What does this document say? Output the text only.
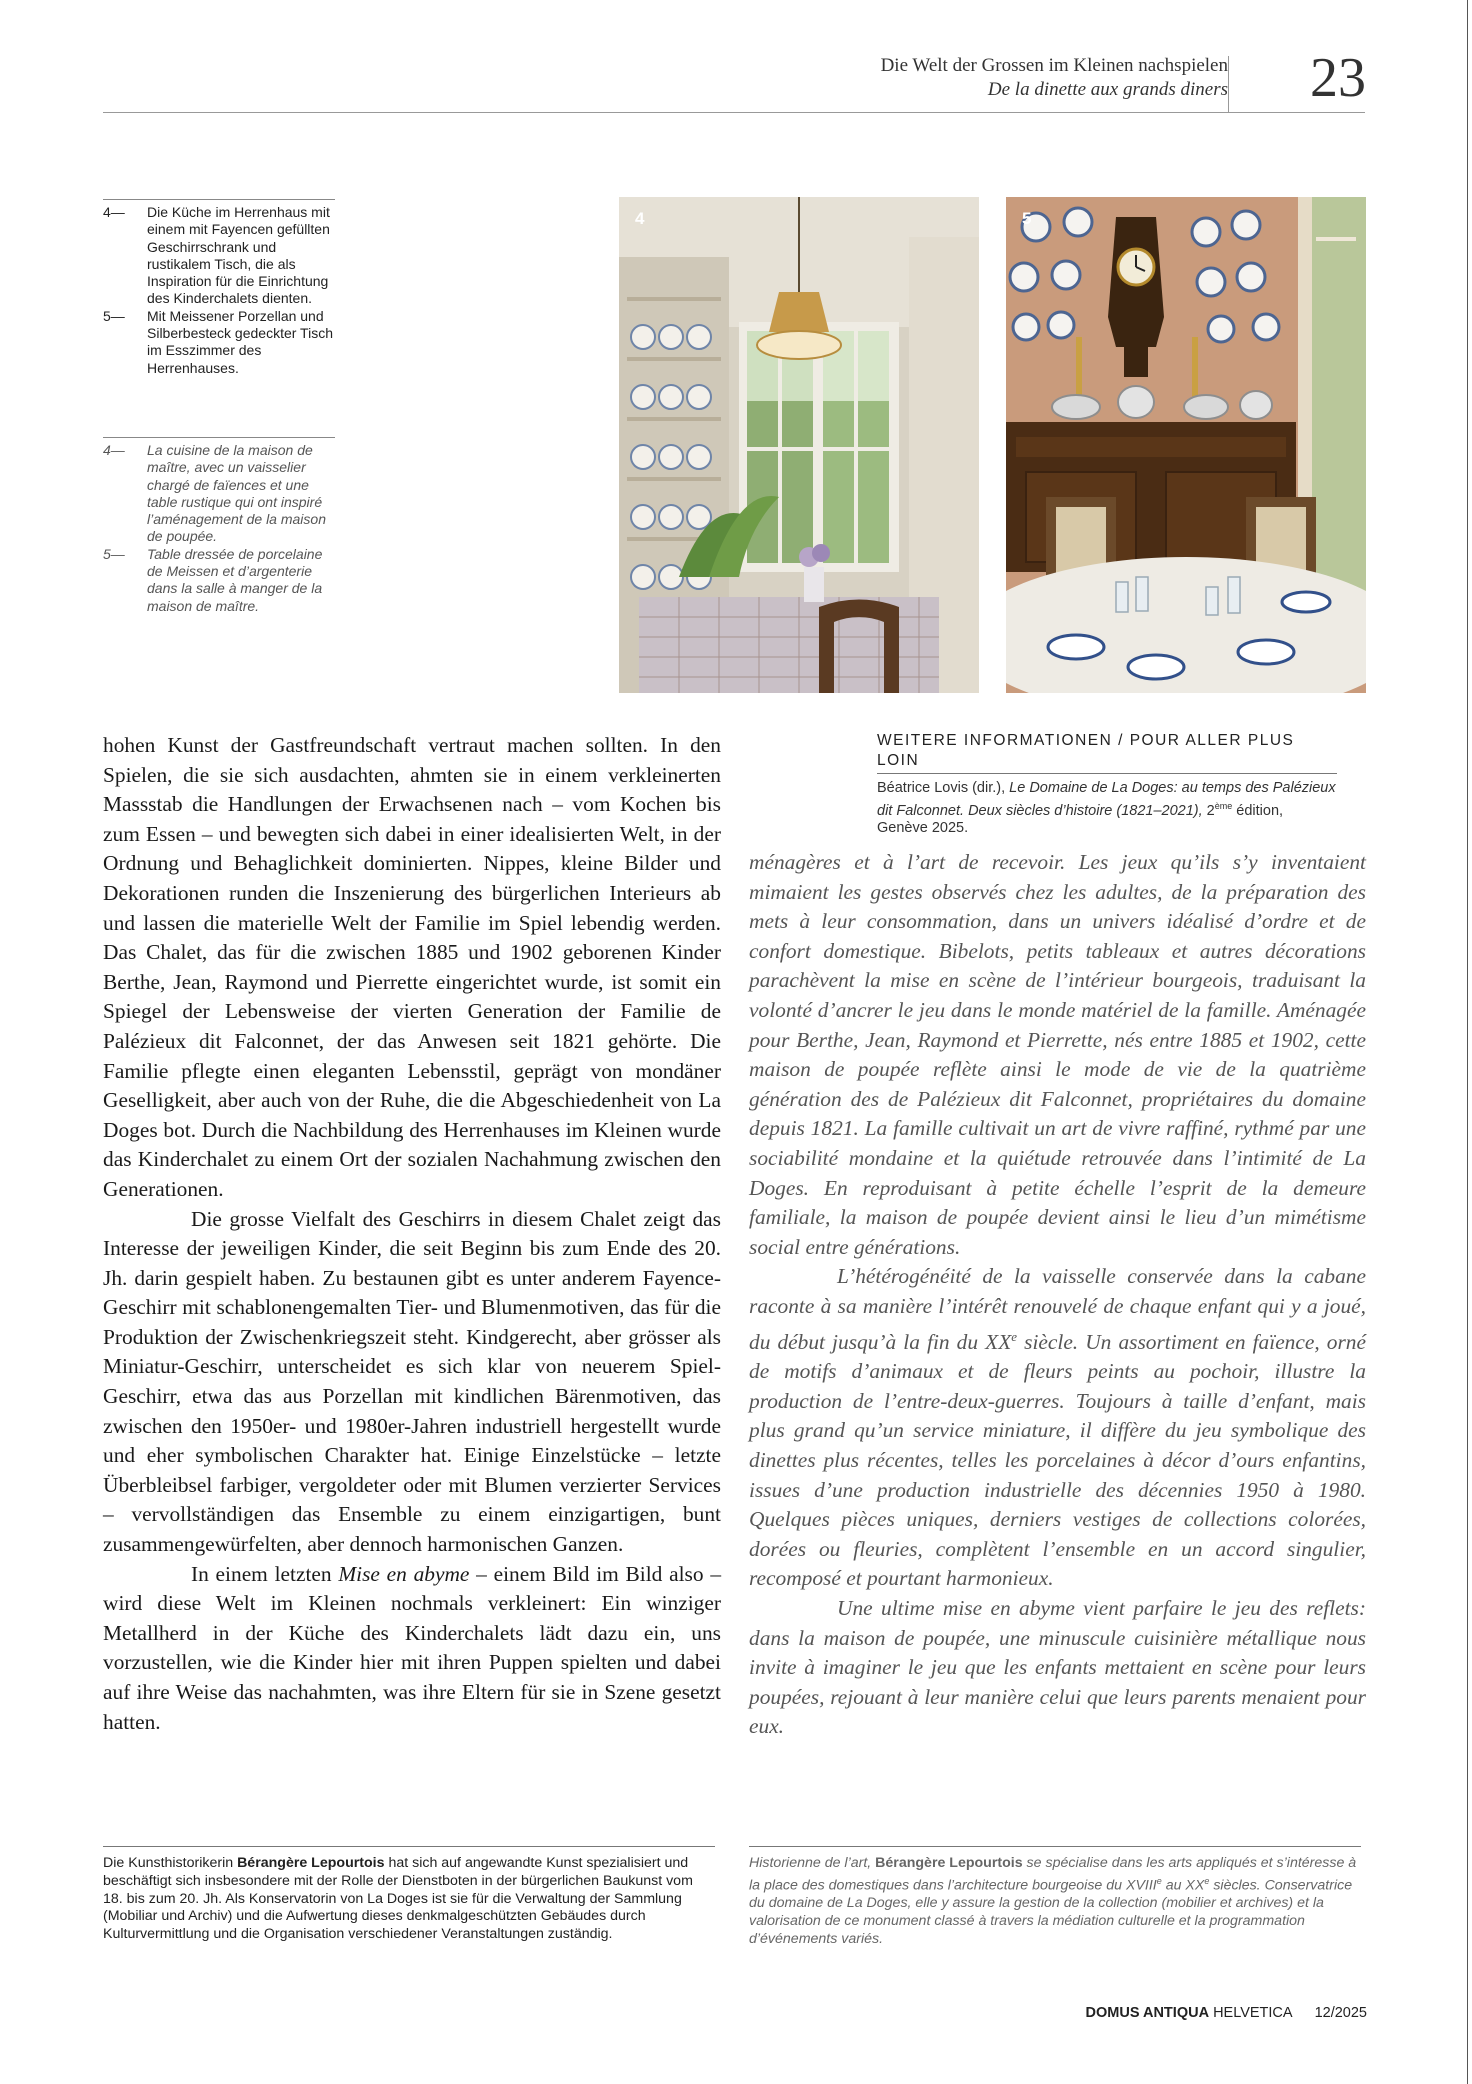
Die Welt der Grossen im Kleinen nachspielen
De la dinette aux grands diners 23
4— Die Küche im Herrenhaus mit einem mit Fayencen gefüllten Geschirrschrank und rustikalem Tisch, die als Inspiration für die Einrichtung des Kinderchalets dienten.
5— Mit Meissener Porzellan und Silberbesteck gedeckter Tisch im Esszimmer des Herrenhauses.
4— La cuisine de la maison de maître, avec un vaisselier chargé de faïences et une table rustique qui ont inspiré l’aménagement de la maison de poupée.
5— Table dressée de porcelaine de Meissen et d’argenterie dans la salle à manger de la maison de maître.
4	5
WEITERE INFORMATIONEN / POUR ALLER PLUS LOIN
Béatrice Lovis (dir.), Le Domaine de La Doges: au temps des Palézieux dit Falconnet. Deux siècles d’histoire (1821–2021), 2ème édition, Genève 2025.

hohen Kunst der Gastfreundschaft vertraut machen sollten. In den Spielen, die sie sich ausdachten, ahmten sie in einem verkleinerten Massstab die Handlungen der Erwachsenen nach – vom Kochen bis zum Essen – und bewegten sich dabei in einer idealisierten Welt, in der Ordnung und Behaglichkeit dominierten. Nippes, kleine Bilder und Dekorationen runden die Inszenierung des bürgerlichen Interieurs ab und lassen die materielle Welt der Familie im Spiel lebendig werden. Das Chalet, das für die zwischen 1885 und 1902 geborenen Kinder Berthe, Jean, Raymond und Pierrette eingerichtet wurde, ist somit ein Spiegel der Lebensweise der vierten Generation der Familie de Palézieux dit Falconnet, der das Anwesen seit 1821 gehörte. Die Familie pflegte einen eleganten Lebensstil, geprägt von mondäner Geselligkeit, aber auch von der Ruhe, die die Abgeschiedenheit von La Doges bot. Durch die Nachbildung des Herrenhauses im Kleinen wurde das Kinderchalet zu einem Ort der sozialen Nachahmung zwischen den Generationen.

Die grosse Vielfalt des Geschirrs in diesem Chalet zeigt das Interesse der jeweiligen Kinder, die seit Beginn bis zum Ende des 20. Jh. darin gespielt haben. Zu bestaunen gibt es unter anderem Fayence-Geschirr mit schablonengemalten Tier- und Blumenmotiven, das für die Produktion der Zwischenkriegszeit steht. Kindgerecht, aber grösser als Miniatur-Geschirr, unterscheidet es sich klar von neuerem Spiel-Geschirr, etwa das aus Porzellan mit kindlichen Bärenmotiven, das zwischen den 1950er- und 1980er-Jahren industriell hergestellt wurde und eher symbolischen Charakter hat. Einige Einzelstücke – letzte Überbleibsel farbiger, vergoldeter oder mit Blumen verzierter Services – vervollständigen das Ensemble zu einem einzigartigen, bunt zusammengewürfelten, aber dennoch harmonischen Ganzen.

In einem letzten Mise en abyme – einem Bild im Bild also – wird diese Welt im Kleinen nochmals verkleinert: Ein winziger Metallherd in der Küche des Kinderchalets lädt dazu ein, uns vorzustellen, wie die Kinder hier mit ihren Puppen spielten und dabei auf ihre Weise das nachahmten, was ihre Eltern für sie in Szene gesetzt hatten.

ménagères et à l’art de recevoir. Les jeux qu’ils s’y inventaient mimaient les gestes observés chez les adultes, de la préparation des mets à leur consommation, dans un univers idéalisé d’ordre et de confort domestique. Bibelots, petits tableaux et autres décorations parachèvent la mise en scène de l’intérieur bourgeois, traduisant la volonté d’ancrer le jeu dans le monde matériel de la famille. Aménagée pour Berthe, Jean, Raymond et Pierrette, nés entre 1885 et 1902, cette maison de poupée reflète ainsi le mode de vie de la quatrième génération des de Palézieux dit Falconnet, propriétaires du domaine depuis 1821. La famille cultivait un art de vivre raffiné, rythmé par une sociabilité mondaine et la quiétude retrouvée dans l’intimité de La Doges. En reproduisant à petite échelle l’esprit de la demeure familiale, la maison de poupée devient ainsi le lieu d’un mimétisme social entre générations.

L’hétérogénéité de la vaisselle conservée dans la cabane raconte à sa manière l’intérêt renouvelé de chaque enfant qui y a joué, du début jusqu’à la fin du XXe siècle. Un assortiment en faïence, orné de motifs d’animaux et de fleurs peints au pochoir, illustre la production de l’entre-deux-guerres. Toujours à taille d’enfant, mais plus grand qu’un service miniature, il diffère du jeu symbolique des dinettes plus récentes, telles les porcelaines à décor d’ours enfantins, issues d’une production industrielle des décennies 1950 à 1980. Quelques pièces uniques, derniers vestiges de collections colorées, dorées ou fleuries, complètent l’ensemble en un accord singulier, recomposé et pourtant harmonieux.

Une ultime mise en abyme vient parfaire le jeu des reflets: dans la maison de poupée, une minuscule cuisinière métallique nous invite à imaginer le jeu que les enfants mettaient en scène pour leurs poupées, rejouant à leur manière celui que leurs parents menaient pour eux.

Die Kunsthistorikerin Bérangère Lepourtois hat sich auf angewandte Kunst spezialisiert und beschäftigt sich insbesondere mit der Rolle der Dienstboten in der bürgerlichen Baukunst vom 18. bis zum 20. Jh. Als Konservatorin von La Doges ist sie für die Verwaltung der Sammlung (Mobiliar und Archiv) und die Aufwertung dieses denkmalgeschützten Gebäudes durch Kulturvermittlung und die Organisation verschiedener Veranstaltungen zuständig.
Historienne de l’art, Bérangère Lepourtois se spécialise dans les arts appliqués et s’intéresse à la place des domestiques dans l’architecture bourgeoise du XVIIIe au XXe siècles. Conservatrice du domaine de La Doges, elle y assure la gestion de la collection (mobilier et archives) et la valorisation de ce monument classé à travers la médiation culturelle et la programmation d’événements variés.
DOMUS ANTIQUA HELVETICA 12/2025
